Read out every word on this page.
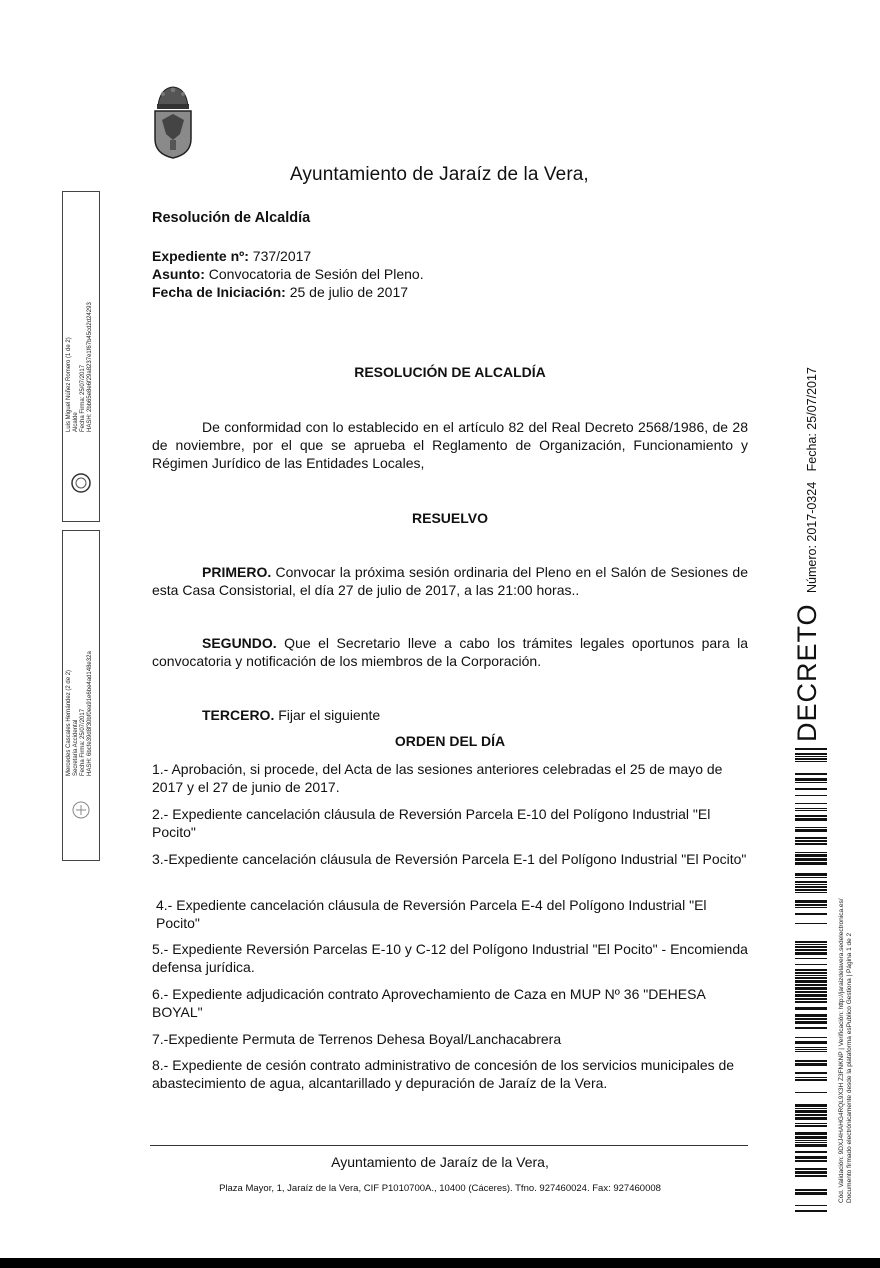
Ayuntamiento de Jaraíz de la Vera,
Resolución de Alcaldía
Expediente nº: 737/2017
Asunto: Convocatoria de Sesión del Pleno.
Fecha de Iniciación: 25 de julio de 2017
RESOLUCIÓN DE ALCALDÍA
De conformidad con lo establecido en el artículo 82 del Real Decreto 2568/1986, de 28 de noviembre, por el que se aprueba el Reglamento de Organización, Funcionamiento y Régimen Jurídico de las Entidades Locales,
RESUELVO
PRIMERO. Convocar la próxima sesión ordinaria del Pleno en el Salón de Sesiones de esta Casa Consistorial, el día 27 de julio de 2017, a las 21:00 horas..
SEGUNDO. Que el Secretario lleve a cabo los trámites legales oportunos para la convocatoria y notificación de los miembros de la Corporación.
TERCERO. Fijar el siguiente
ORDEN DEL DÍA
1.- Aprobación, si procede, del Acta de las sesiones anteriores celebradas el 25 de mayo de 2017 y el 27 de junio de 2017.
2.- Expediente cancelación cláusula de Reversión Parcela E-10 del Polígono Industrial "El Pocito"
3.-Expediente cancelación cláusula de Reversión Parcela E-1 del Polígono Industrial "El Pocito"
4.- Expediente cancelación cláusula de Reversión Parcela E-4 del Polígono Industrial "El Pocito"
5.- Expediente Reversión Parcelas E-10 y C-12 del Polígono Industrial "El Pocito" - Encomienda defensa jurídica.
6.- Expediente adjudicación contrato Aprovechamiento de Caza en MUP Nº 36 "DEHESA BOYAL"
7.-Expediente Permuta de Terrenos Dehesa Boyal/Lanchacabrera
8.- Expediente de cesión contrato administrativo de concesión de los servicios municipales de abastecimiento de agua, alcantarillado y depuración de Jaraíz de la Vera.
Luis Miguel Núñez Romero (1 de 2) Alcalde Fecha Firma: 25/07/2017 HASH: 2bb65e8e6f29a8237e1f67b45cd2d24293
Mercedes Cascales Hernández (2 de 2) Secretaria Accidental Fecha Firma: 25/07/2017 HASH: 6bcfe39d8f30bf0ea91e6be4ad148e32a	DECRETO Número: 2017-0324 Fecha: 25/07/2017
Cód. Validación: 9DXJ4HAHG4RQL9X3H Z3FNKNP | Verificación: http://jaraizdelavera.sedelectronica.es/ Documento firmado electrónicamente desde la plataforma esPublico Gestiona | Página 1 de 2
Ayuntamiento de Jaraíz de la Vera,
Plaza Mayor, 1, Jaraíz de la Vera, CIF P1010700A., 10400 (Cáceres). Tfno. 927460024. Fax: 927460008
